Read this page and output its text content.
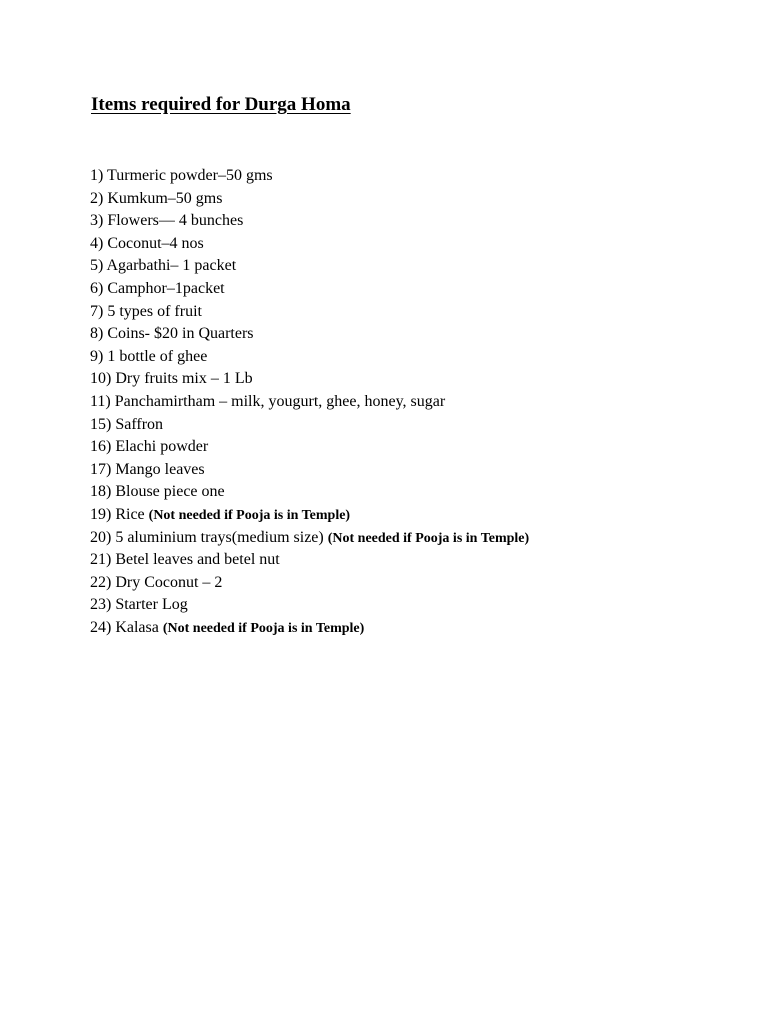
Items required for Durga Homa
1) Turmeric powder–50 gms
2) Kumkum–50 gms
3) Flowers— 4 bunches
4) Coconut–4 nos
5) Agarbathi– 1 packet
6) Camphor–1packet
7) 5 types of fruit
8) Coins- $20 in Quarters
9) 1 bottle of ghee
10) Dry fruits mix – 1 Lb
11) Panchamirtham – milk, yougurt, ghee, honey, sugar
15) Saffron
16) Elachi powder
17) Mango leaves
18) Blouse piece one
19) Rice (Not needed if Pooja is in Temple)
20) 5 aluminium trays(medium size) (Not needed if Pooja is in Temple)
21) Betel leaves and betel nut
22) Dry Coconut – 2
23) Starter Log
24) Kalasa (Not needed if Pooja is in Temple)
